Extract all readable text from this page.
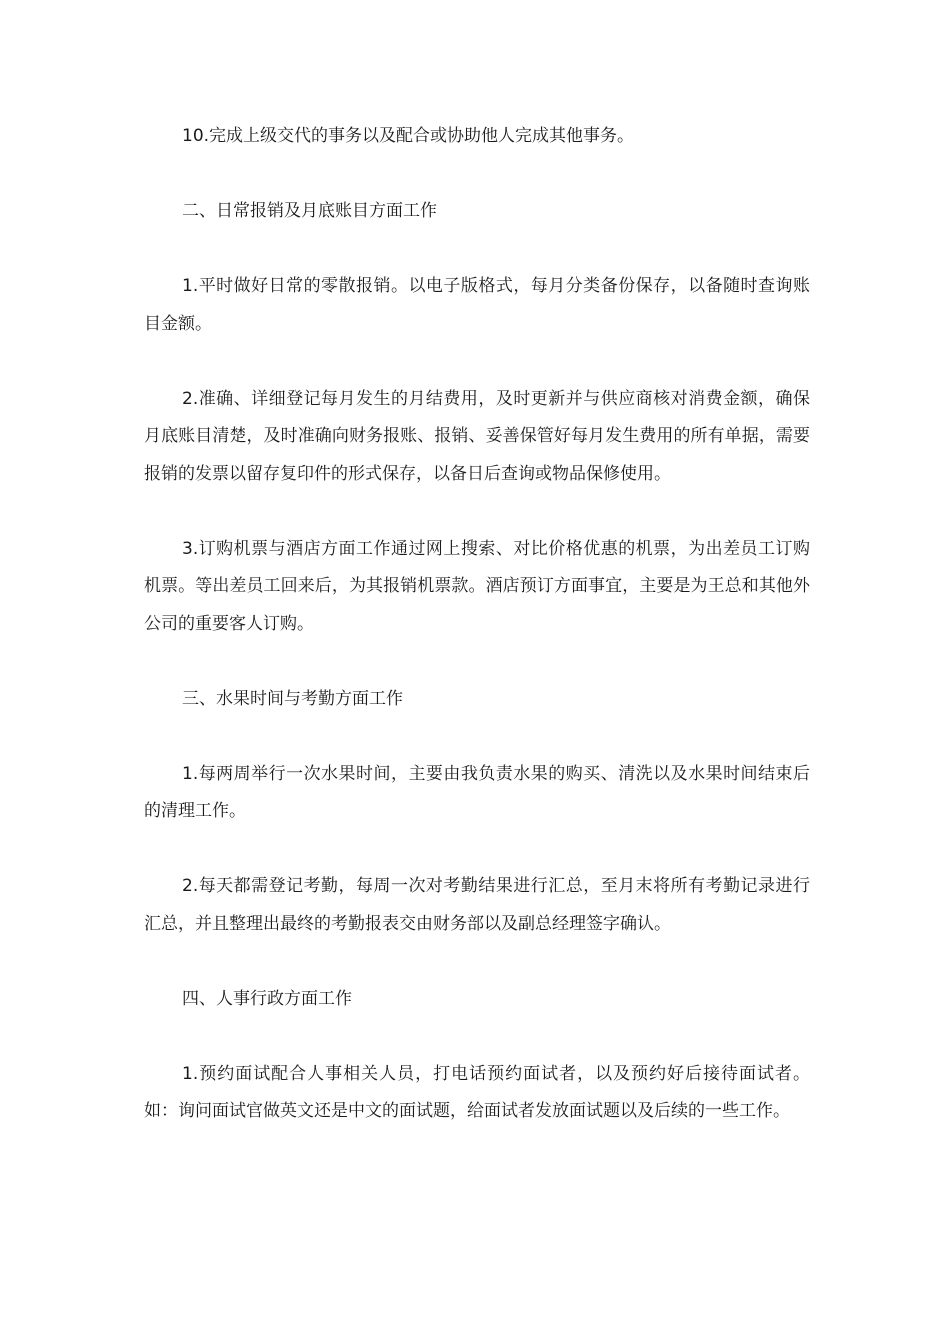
10.完成上级交代的事务以及配合或协助他人完成其他事务。

二、日常报销及月底账目方面工作

1.平时做好日常的零散报销。以电子版格式，每月分类备份保存，以备随时查询账目金额。

2.准确、详细登记每月发生的月结费用，及时更新并与供应商核对消费金额，确保月底账目清楚，及时准确向财务报账、报销、妥善保管好每月发生费用的所有单据，需要报销的发票以留存复印件的形式保存，以备日后查询或物品保修使用。

3.订购机票与酒店方面工作通过网上搜索、对比价格优惠的机票，为出差员工订购机票。等出差员工回来后，为其报销机票款。酒店预订方面事宜，主要是为王总和其他外公司的重要客人订购。

三、水果时间与考勤方面工作

1.每两周举行一次水果时间，主要由我负责水果的购买、清洗以及水果时间结束后的清理工作。

2.每天都需登记考勤，每周一次对考勤结果进行汇总，至月末将所有考勤记录进行汇总，并且整理出最终的考勤报表交由财务部以及副总经理签字确认。

四、人事行政方面工作

1.预约面试配合人事相关人员，打电话预约面试者，以及预约好后接待面试者。如：询问面试官做英文还是中文的面试题，给面试者发放面试题以及后续的一些工作。
